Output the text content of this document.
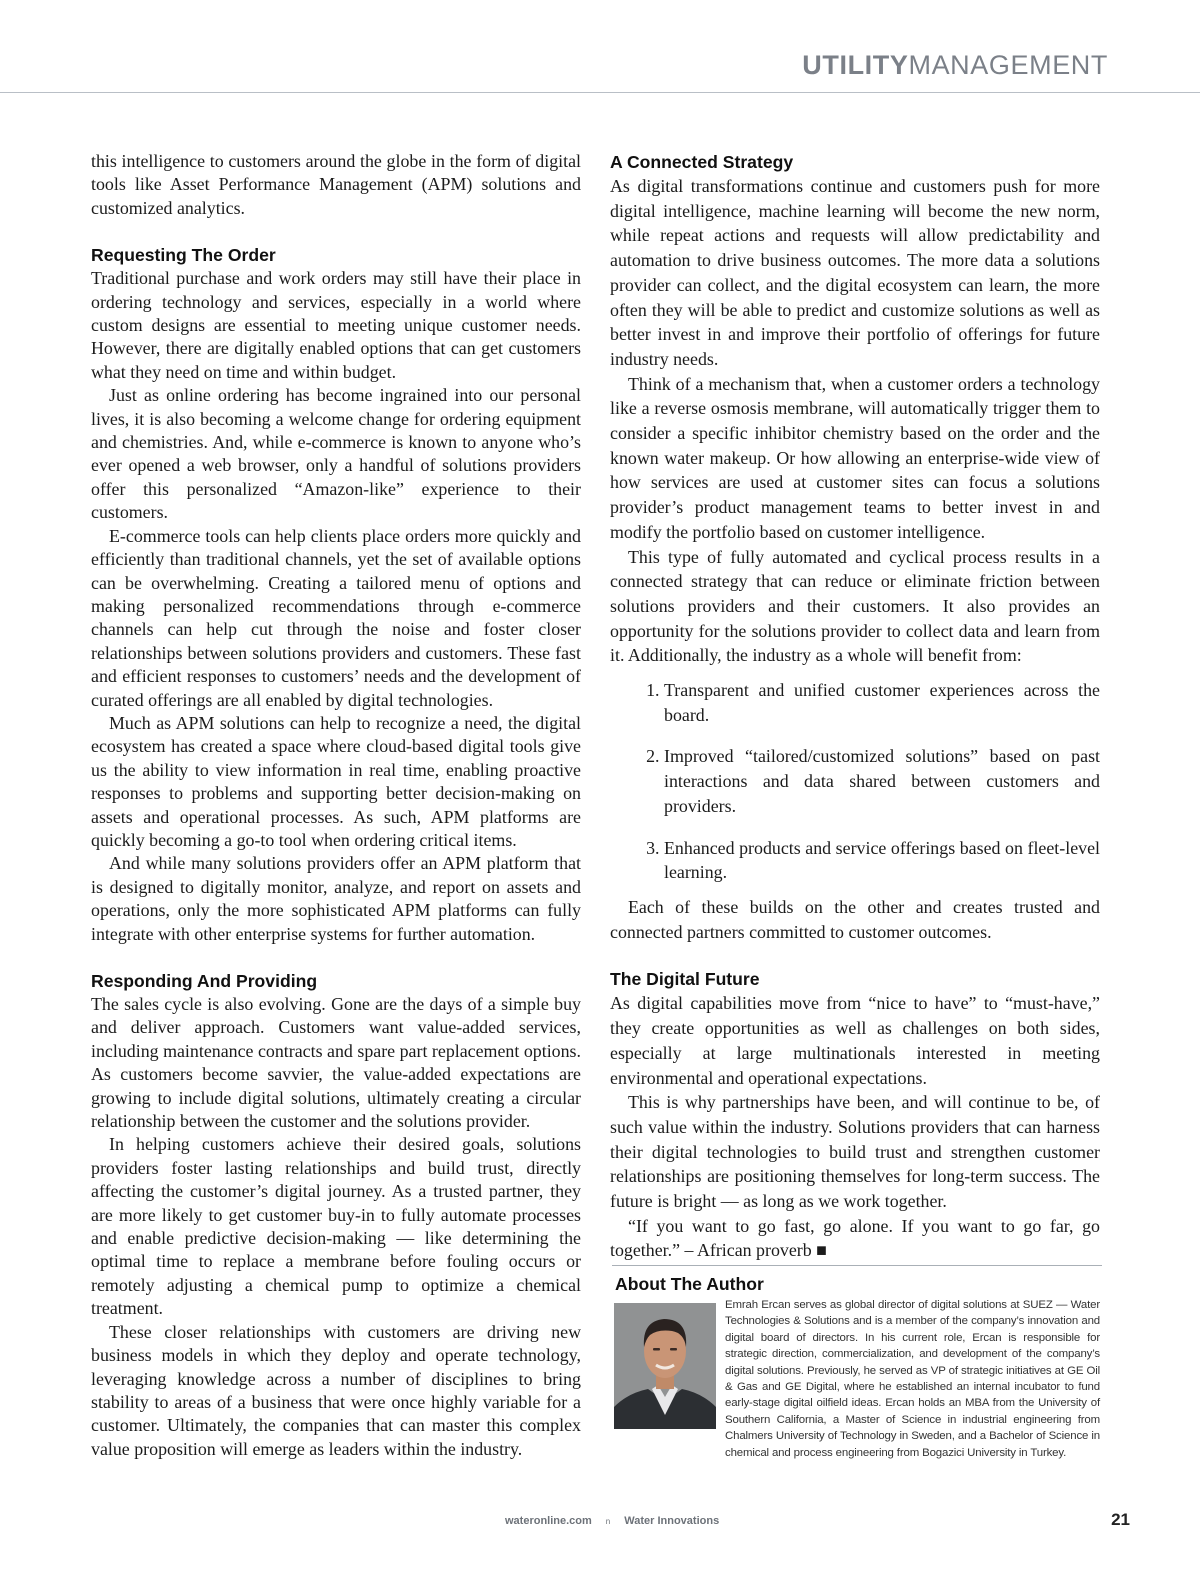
UTILITYMANAGEMENT

this intelligence to customers around the globe in the form of digital tools like Asset Performance Management (APM) solutions and customized analytics.

Requesting The Order

Traditional purchase and work orders may still have their place in ordering technology and services, especially in a world where custom designs are essential to meeting unique customer needs. However, there are digitally enabled options that can get customers what they need on time and within budget.

Just as online ordering has become ingrained into our personal lives, it is also becoming a welcome change for ordering equipment and chemistries. And, while e-commerce is known to anyone who’s ever opened a web browser, only a handful of solutions providers offer this personalized “Amazon-like” experience to their customers.

E-commerce tools can help clients place orders more quickly and efficiently than traditional channels, yet the set of available options can be overwhelming. Creating a tailored menu of options and making personalized recommendations through e-commerce channels can help cut through the noise and foster closer relationships between solutions providers and customers. These fast and efficient responses to customers’ needs and the development of curated offerings are all enabled by digital technologies.

Much as APM solutions can help to recognize a need, the digital ecosystem has created a space where cloud-based digital tools give us the ability to view information in real time, enabling proactive responses to problems and supporting better decision-making on assets and operational processes. As such, APM platforms are quickly becoming a go-to tool when ordering critical items.

And while many solutions providers offer an APM platform that is designed to digitally monitor, analyze, and report on assets and operations, only the more sophisticated APM platforms can fully integrate with other enterprise systems for further automation.

Responding And Providing

The sales cycle is also evolving. Gone are the days of a simple buy and deliver approach. Customers want value-added services, including maintenance contracts and spare part replacement options. As customers become savvier, the value-added expectations are growing to include digital solutions, ultimately creating a circular relationship between the customer and the solutions provider.

In helping customers achieve their desired goals, solutions providers foster lasting relationships and build trust, directly affecting the customer’s digital journey. As a trusted partner, they are more likely to get customer buy-in to fully automate processes and enable predictive decision-making — like determining the optimal time to replace a membrane before fouling occurs or remotely adjusting a chemical pump to optimize a chemical treatment.

These closer relationships with customers are driving new business models in which they deploy and operate technology, leveraging knowledge across a number of disciplines to bring stability to areas of a business that were once highly variable for a customer. Ultimately, the companies that can master this complex value proposition will emerge as leaders within the industry.

A Connected Strategy

As digital transformations continue and customers push for more digital intelligence, machine learning will become the new norm, while repeat actions and requests will allow predictability and automation to drive business outcomes. The more data a solutions provider can collect, and the digital ecosystem can learn, the more often they will be able to predict and customize solutions as well as better invest in and improve their portfolio of offerings for future industry needs.

Think of a mechanism that, when a customer orders a technology like a reverse osmosis membrane, will automatically trigger them to consider a specific inhibitor chemistry based on the order and the known water makeup. Or how allowing an enterprise-wide view of how services are used at customer sites can focus a solutions provider’s product management teams to better invest in and modify the portfolio based on customer intelligence.

This type of fully automated and cyclical process results in a connected strategy that can reduce or eliminate friction between solutions providers and their customers. It also provides an opportunity for the solutions provider to collect data and learn from it. Additionally, the industry as a whole will benefit from:

1. Transparent and unified customer experiences across the board.
2. Improved “tailored/customized solutions” based on past interactions and data shared between customers and providers.
3. Enhanced products and service offerings based on fleet-level learning.

Each of these builds on the other and creates trusted and connected partners committed to customer outcomes.

The Digital Future

As digital capabilities move from “nice to have” to “must-have,” they create opportunities as well as challenges on both sides, especially at large multinationals interested in meeting environmental and operational expectations.

This is why partnerships have been, and will continue to be, of such value within the industry. Solutions providers that can harness their digital technologies to build trust and strengthen customer relationships are positioning themselves for long-term success. The future is bright — as long as we work together.

“If you want to go fast, go alone. If you want to go far, go together.” – African proverb ■

About The Author
Emrah Ercan serves as global director of digital solutions at SUEZ — Water Technologies & Solutions and is a member of the company’s innovation and digital board of directors. In his current role, Ercan is responsible for strategic direction, commercialization, and development of the company’s digital solutions. Previously, he served as VP of strategic initiatives at GE Oil & Gas and GE Digital, where he established an internal incubator to fund early-stage digital oilfield ideas. Ercan holds an MBA from the University of Southern California, a Master of Science in industrial engineering from Chalmers University of Technology in Sweden, and a Bachelor of Science in chemical and process engineering from Bogazici University in Turkey.
wateronline.com n Water Innovations	21
